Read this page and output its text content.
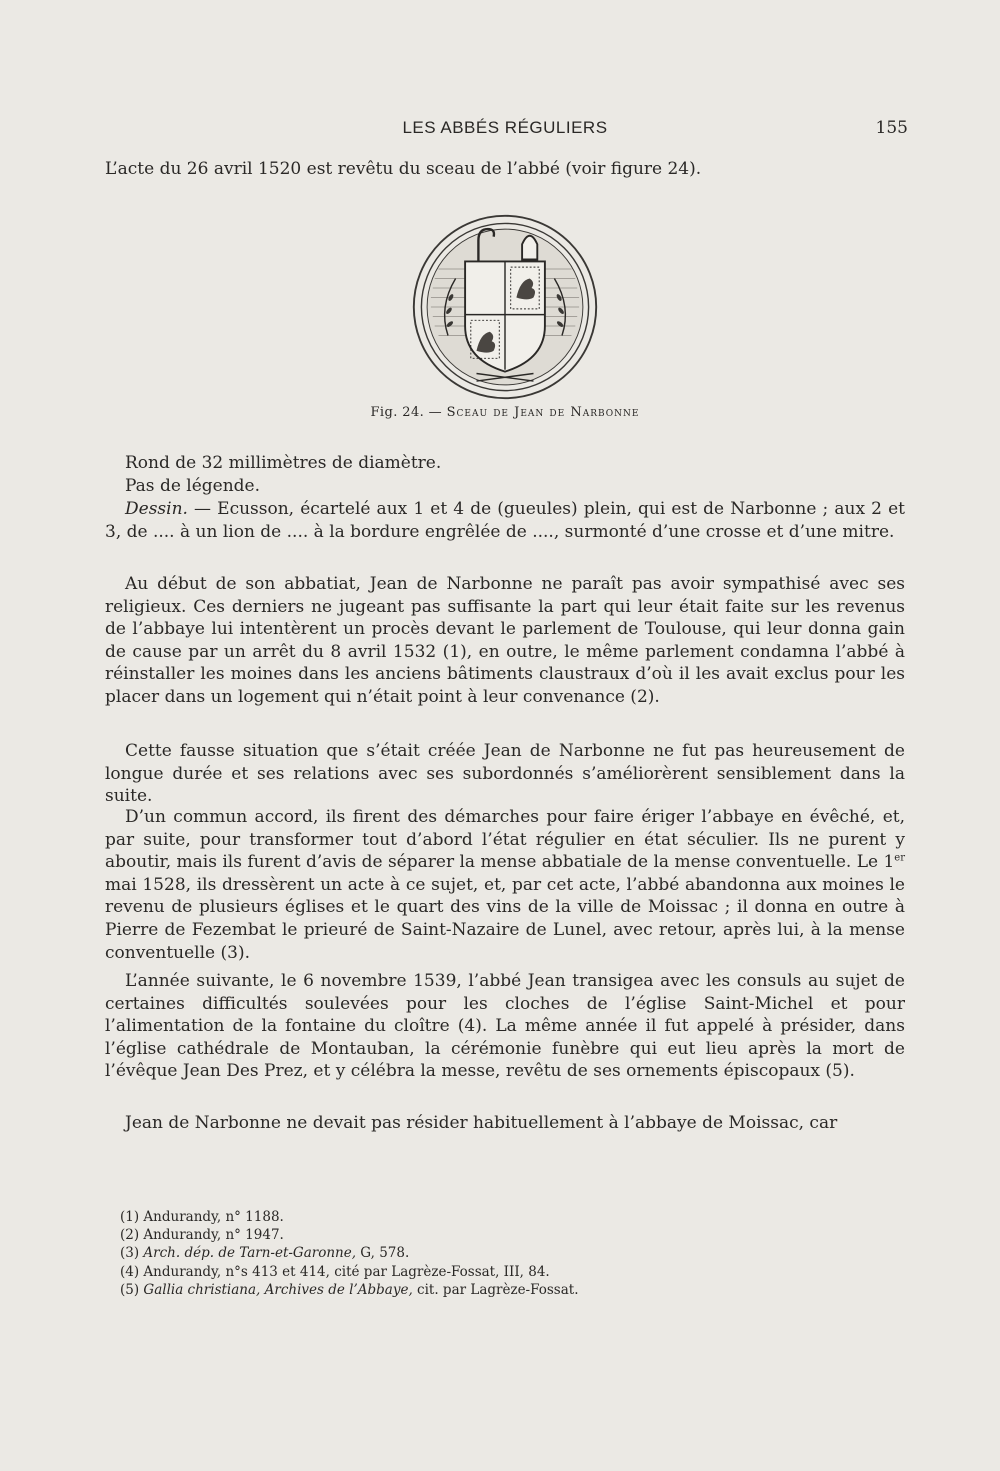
LES ABBÉS RÉGULIERS	155

L’acte du 26 avril 1520 est revêtu du sceau de l’abbé (voir figure 24).

Fig. 24. — Sceau de Jean de Narbonne

Rond de 32 millimètres de diamètre.

Pas de légende.

Dessin. — Ecusson, écartelé aux 1 et 4 de (gueules) plein, qui est de Narbonne ; aux 2 et 3, de .... à un lion de .... à la bordure engrêlée de ...., surmonté d’une crosse et d’une mitre.

Au début de son abbatiat, Jean de Narbonne ne paraît pas avoir sympathisé avec ses religieux. Ces derniers ne jugeant pas suffisante la part qui leur était faite sur les revenus de l’abbaye lui intentèrent un procès devant le parlement de Toulouse, qui leur donna gain de cause par un arrêt du 8 avril 1532 (1), en outre, le même parlement condamna l’abbé à réinstaller les moines dans les anciens bâtiments claustraux d’où il les avait exclus pour les placer dans un logement qui n’était point à leur convenance (2).

Cette fausse situation que s’était créée Jean de Narbonne ne fut pas heureusement de longue durée et ses relations avec ses subordonnés s’améliorèrent sensiblement dans la suite.

D’un commun accord, ils firent des démarches pour faire ériger l’abbaye en évêché, et, par suite, pour transformer tout d’abord l’état régulier en état séculier. Ils ne purent y aboutir, mais ils furent d’avis de séparer la mense abbatiale de la mense conventuelle. Le 1er mai 1528, ils dressèrent un acte à ce sujet, et, par cet acte, l’abbé abandonna aux moines le revenu de plusieurs églises et le quart des vins de la ville de Moissac ; il donna en outre à Pierre de Fezembat le prieuré de Saint-Nazaire de Lunel, avec retour, après lui, à la mense conventuelle (3).

L’année suivante, le 6 novembre 1539, l’abbé Jean transigea avec les consuls au sujet de certaines difficultés soulevées pour les cloches de l’église Saint-Michel et pour l’alimentation de la fontaine du cloître (4). La même année il fut appelé à présider, dans l’église cathédrale de Montauban, la cérémonie funèbre qui eut lieu après la mort de l’évêque Jean Des Prez, et y célébra la messe, revêtu de ses ornements épiscopaux (5).

Jean de Narbonne ne devait pas résider habituellement à l’abbaye de Moissac, car

(1) Andurandy, n° 1188.
(2) Andurandy, n° 1947.
(3) Arch. dép. de Tarn-et-Garonne, G, 578.
(4) Andurandy, n°s 413 et 414, cité par Lagrèze-Fossat, III, 84.
(5) Gallia christiana, Archives de l’Abbaye, cit. par Lagrèze-Fossat.
